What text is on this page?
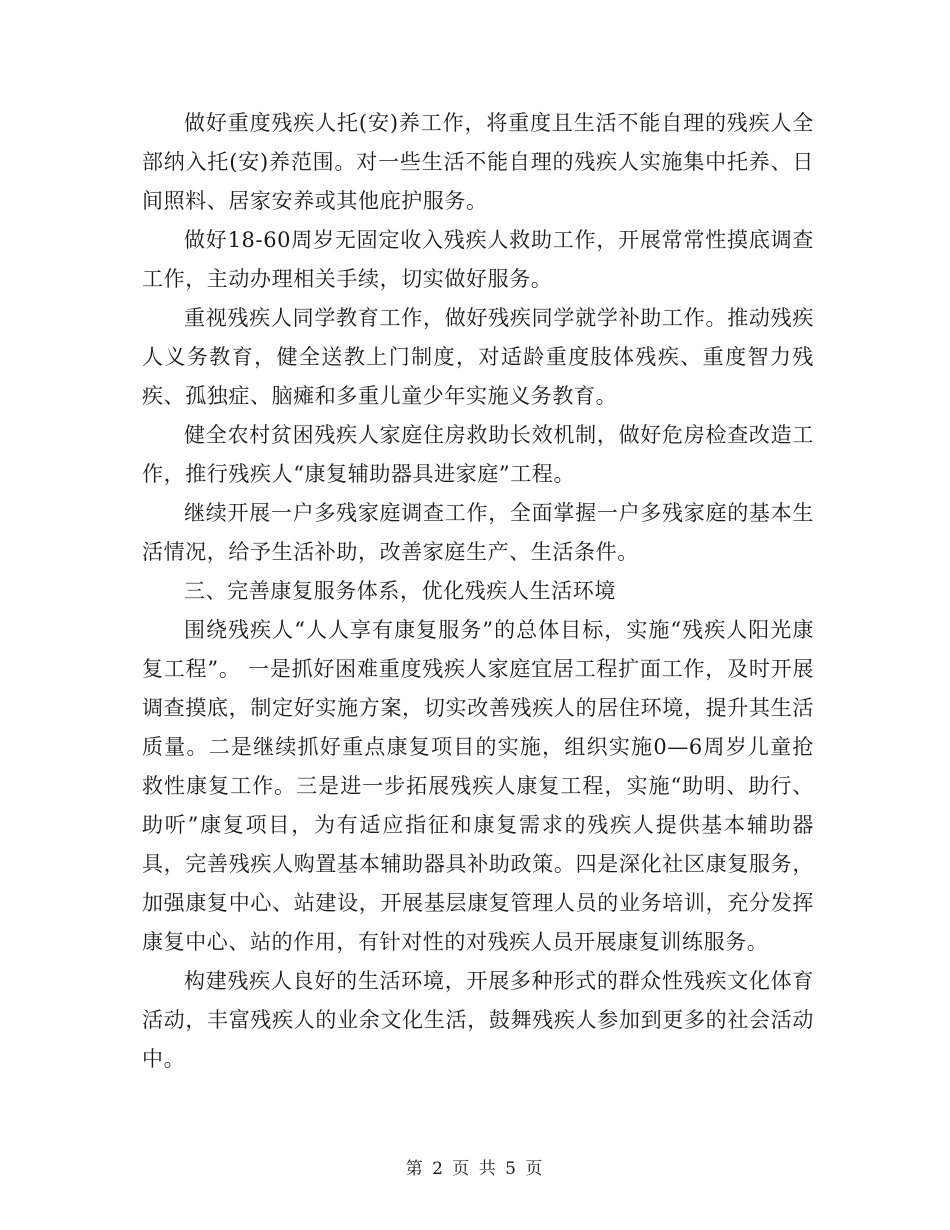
做好重度残疾人托(安)养工作，将重度且生活不能自理的残疾人全部纳入托(安)养范围。对一些生活不能自理的残疾人实施集中托养、日间照料、居家安养或其他庇护服务。

做好18-60周岁无固定收入残疾人救助工作，开展常常性摸底调查工作，主动办理相关手续，切实做好服务。

重视残疾人同学教育工作，做好残疾同学就学补助工作。推动残疾人义务教育，健全送教上门制度，对适龄重度肢体残疾、重度智力残疾、孤独症、脑瘫和多重儿童少年实施义务教育。

健全农村贫困残疾人家庭住房救助长效机制，做好危房检查改造工作，推行残疾人“康复辅助器具进家庭”工程。

继续开展一户多残家庭调查工作，全面掌握一户多残家庭的基本生活情况，给予生活补助，改善家庭生产、生活条件。

三、完善康复服务体系，优化残疾人生活环境

围绕残疾人“人人享有康复服务”的总体目标，实施“残疾人阳光康复工程”。 一是抓好困难重度残疾人家庭宜居工程扩面工作，及时开展调查摸底，制定好实施方案，切实改善残疾人的居住环境，提升其生活质量。二是继续抓好重点康复项目的实施，组织实施0—6周岁儿童抢救性康复工作。三是进一步拓展残疾人康复工程，实施“助明、助行、助听”康复项目，为有适应指征和康复需求的残疾人提供基本辅助器具，完善残疾人购置基本辅助器具补助政策。四是深化社区康复服务，加强康复中心、站建设，开展基层康复管理人员的业务培训，充分发挥康复中心、站的作用，有针对性的对残疾人员开展康复训练服务。

构建残疾人良好的生活环境，开展多种形式的群众性残疾文化体育活动，丰富残疾人的业余文化生活，鼓舞残疾人参加到更多的社会活动中。

第 2 页 共 5 页
